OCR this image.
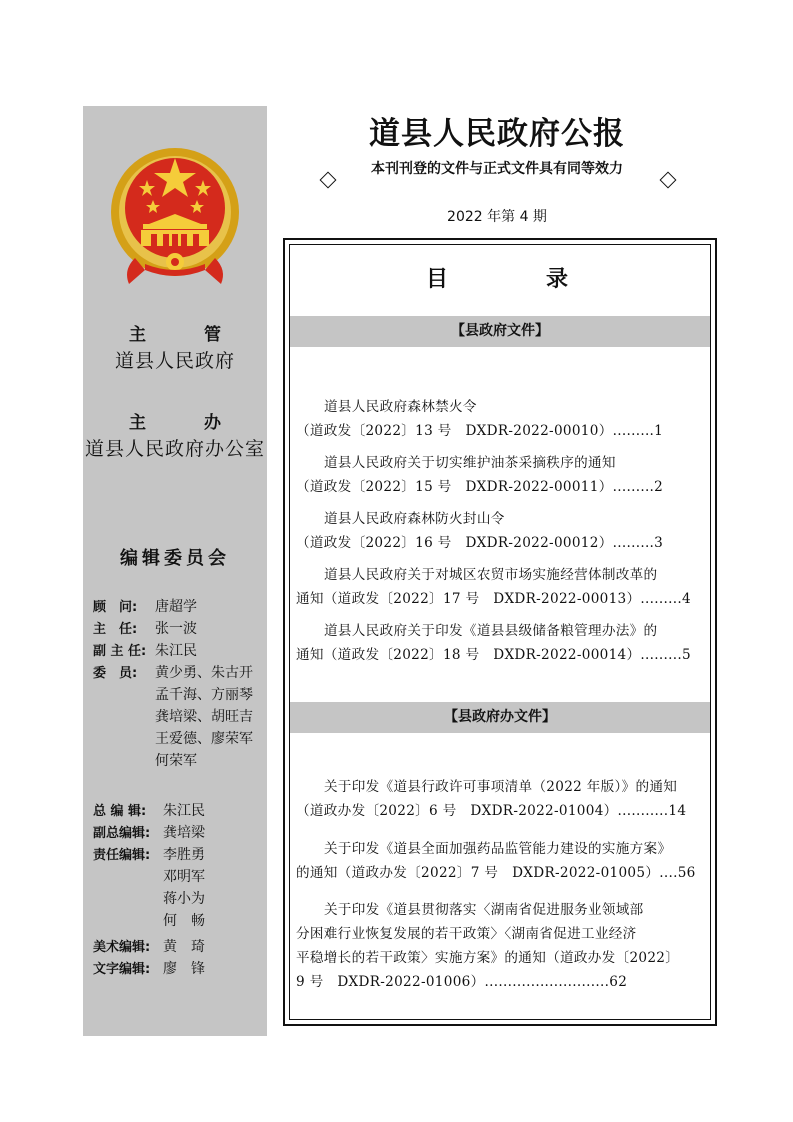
主 管
道县人民政府
主 办
道县人民政府办公室
编辑委员会
顾　问: 唐超学
主　任: 张一波
副 主 任: 朱江民
委　员:	黄少勇、朱古开
孟千海、方丽琴
龚培梁、胡旺吉
王爱德、廖荣军
何荣军
总 编 辑: 朱江民
副总编辑: 龚培梁
责任编辑: 李胜勇
邓明军
蒋小为
何　畅
美术编辑: 黄　琦
文字编辑: 廖　锋
道县人民政府公报
本刊刊登的文件与正式文件具有同等效力
2022 年第 4 期
目　　　录
【县政府文件】
道县人民政府森林禁火令
（道政发〔2022〕13 号　DXDR-2022-00010）.........1
道县人民政府关于切实维护油茶采摘秩序的通知
（道政发〔2022〕15 号　DXDR-2022-00011）.........2
道县人民政府森林防火封山令
（道政发〔2022〕16 号　DXDR-2022-00012）.........3
道县人民政府关于对城区农贸市场实施经营体制改革的
通知（道政发〔2022〕17 号　DXDR-2022-00013）.........4
道县人民政府关于印发《道县县级储备粮管理办法》的
通知（道政发〔2022〕18 号　DXDR-2022-00014）.........5
【县政府办文件】
关于印发《道县行政许可事项清单（2022 年版）》的通知
（道政办发〔2022〕6 号　DXDR-2022-01004）...........14
关于印发《道县全面加强药品监管能力建设的实施方案》
的通知（道政办发〔2022〕7 号　DXDR-2022-01005）....56
关于印发《道县贯彻落实〈湖南省促进服务业领域部
分困难行业恢复发展的若干政策〉〈湖南省促进工业经济
平稳增长的若干政策〉实施方案》的通知（道政办发〔2022〕
9 号　DXDR-2022-01006）...........................62
